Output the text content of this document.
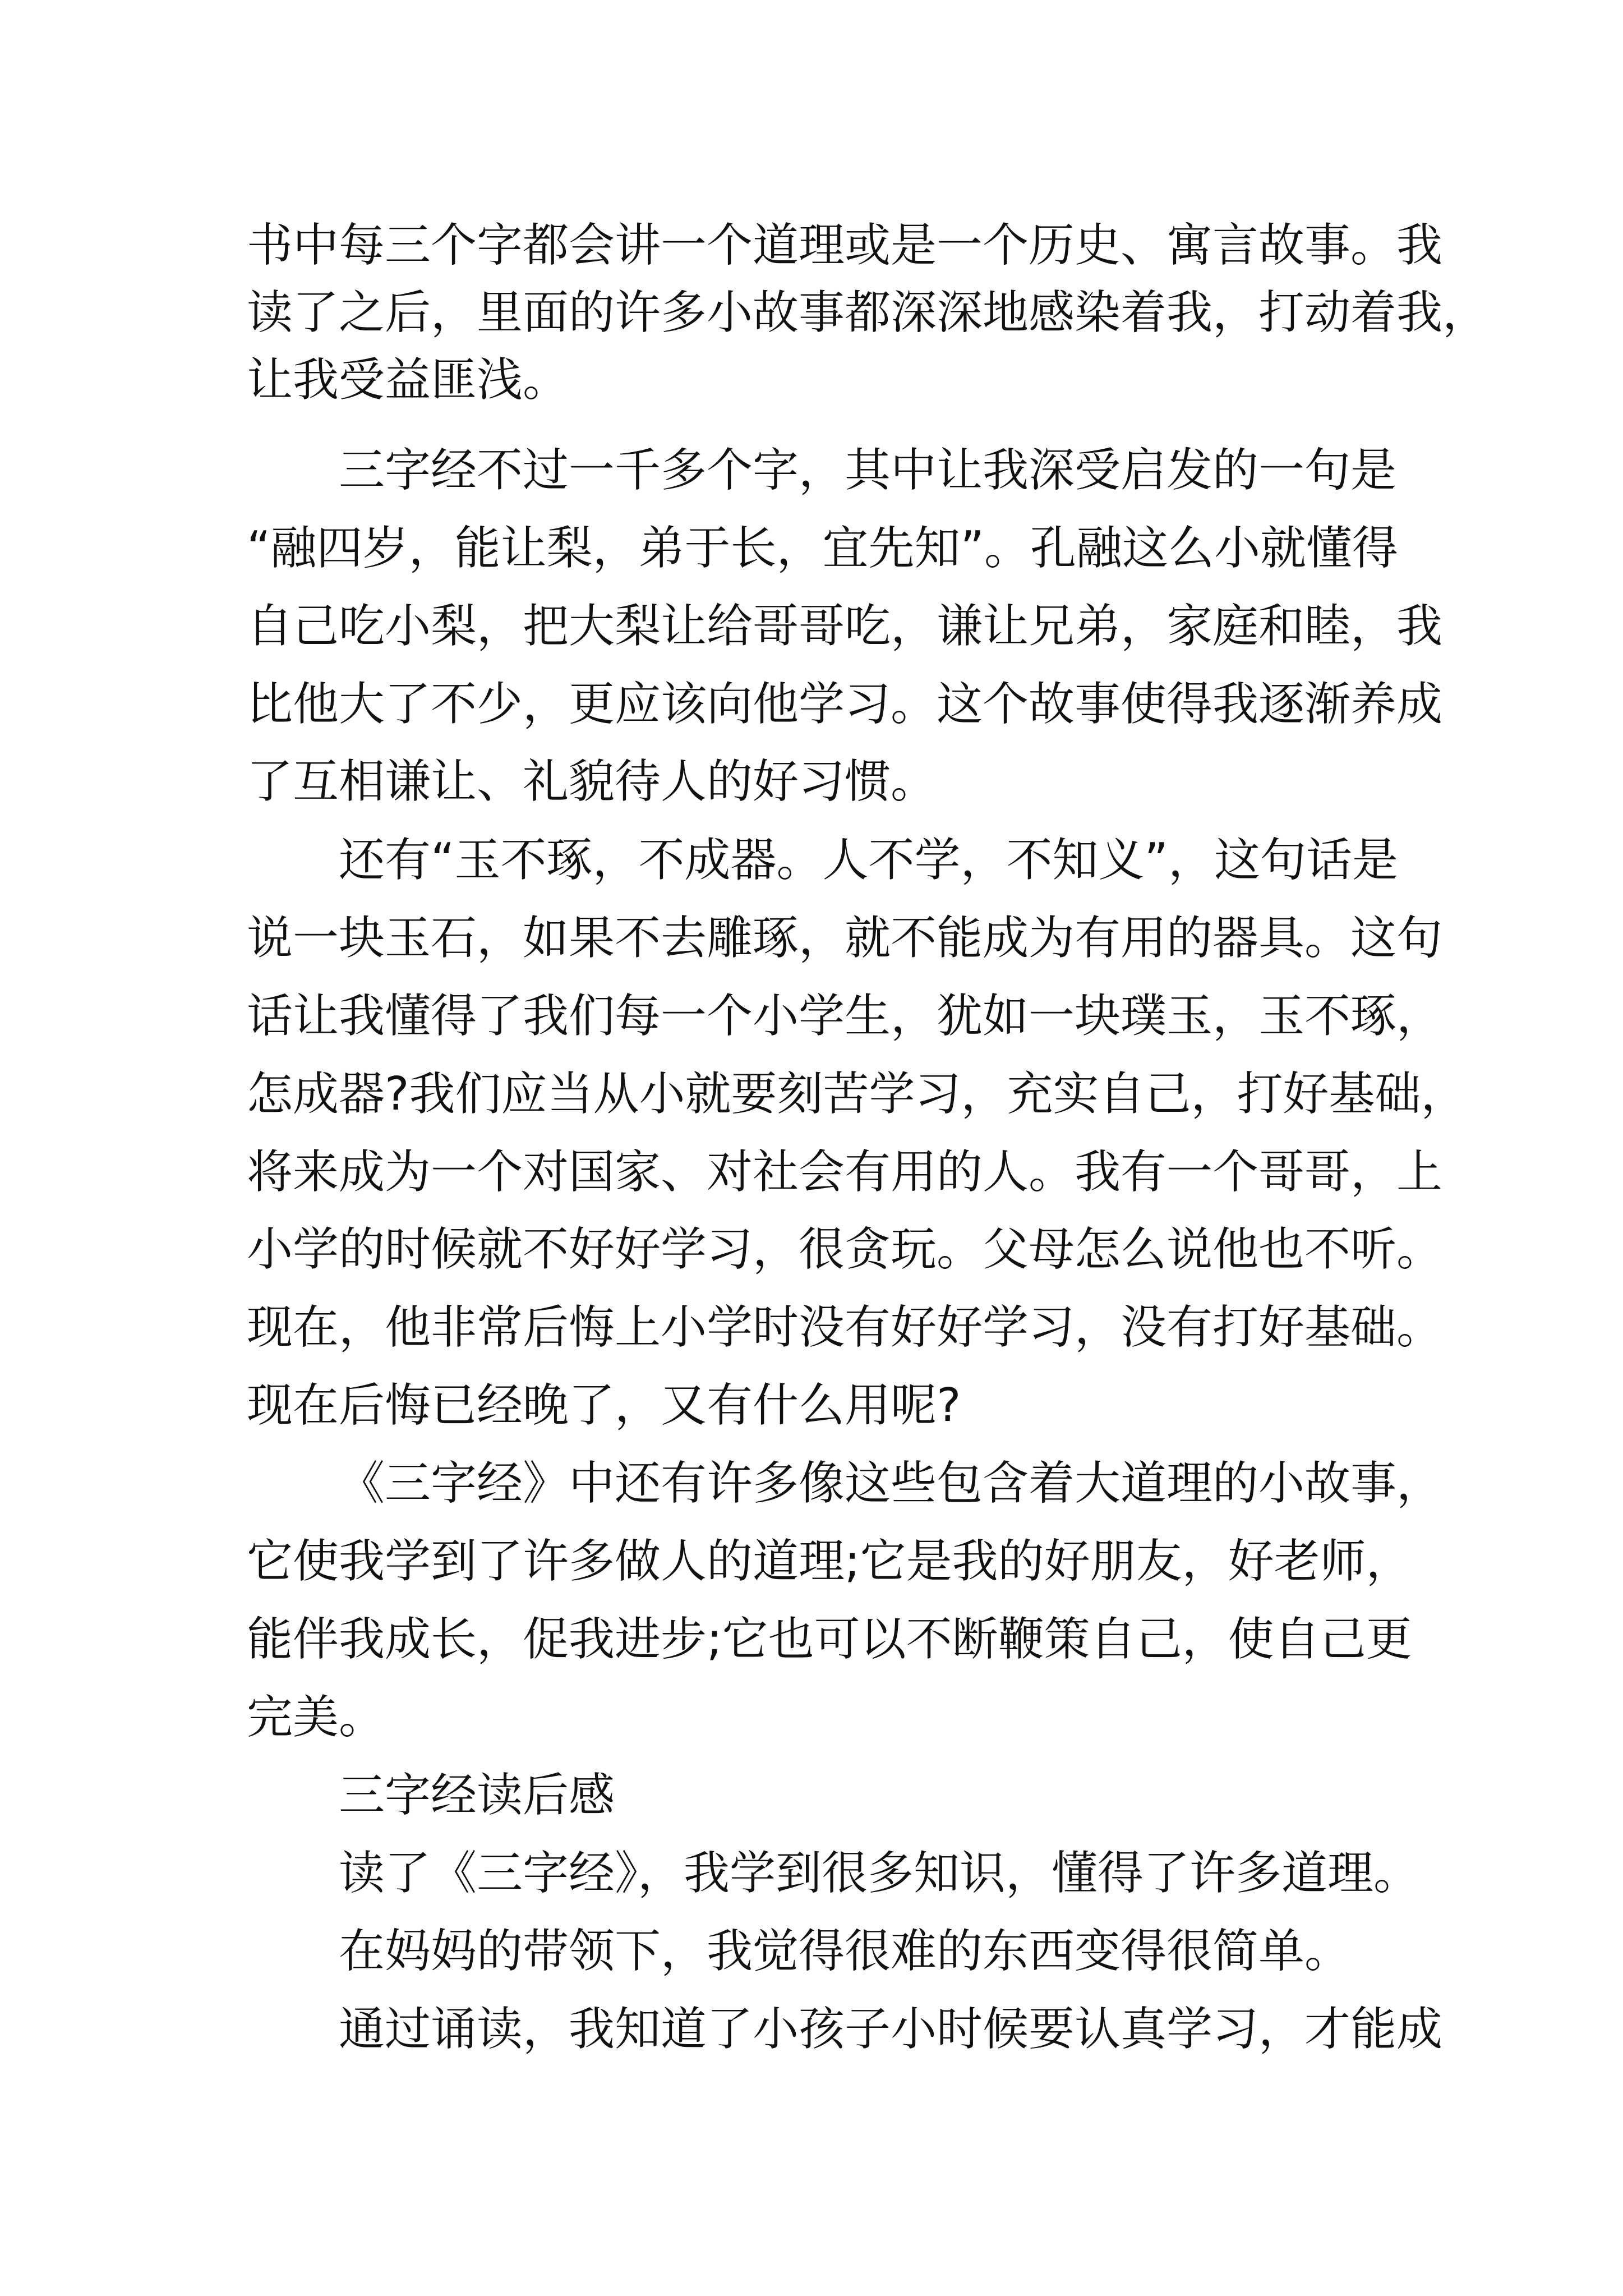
书中每三个字都会讲一个道理或是一个历史、寓言故事。我
读了之后，里面的许多小故事都深深地感染着我，打动着我，
让我受益匪浅。
三字经不过一千多个字，其中让我深受启发的一句是
“融四岁，能让梨，弟于长，宜先知”。孔融这么小就懂得
自己吃小梨，把大梨让给哥哥吃，谦让兄弟，家庭和睦，我
比他大了不少，更应该向他学习。这个故事使得我逐渐养成
了互相谦让、礼貌待人的好习惯。
还有“玉不琢，不成器。人不学，不知义”，这句话是
说一块玉石，如果不去雕琢，就不能成为有用的器具。这句
话让我懂得了我们每一个小学生，犹如一块璞玉，玉不琢，
怎成器?我们应当从小就要刻苦学习，充实自己，打好基础，
将来成为一个对国家、对社会有用的人。我有一个哥哥，上
小学的时候就不好好学习，很贪玩。父母怎么说他也不听。
现在，他非常后悔上小学时没有好好学习，没有打好基础。
现在后悔已经晚了，又有什么用呢?
《三字经》中还有许多像这些包含着大道理的小故事，
它使我学到了许多做人的道理;它是我的好朋友，好老师，
能伴我成长，促我进步;它也可以不断鞭策自己，使自己更
完美。
三字经读后感
读了《三字经》，我学到很多知识，懂得了许多道理。
在妈妈的带领下，我觉得很难的东西变得很简单。
通过诵读，我知道了小孩子小时候要认真学习，才能成
